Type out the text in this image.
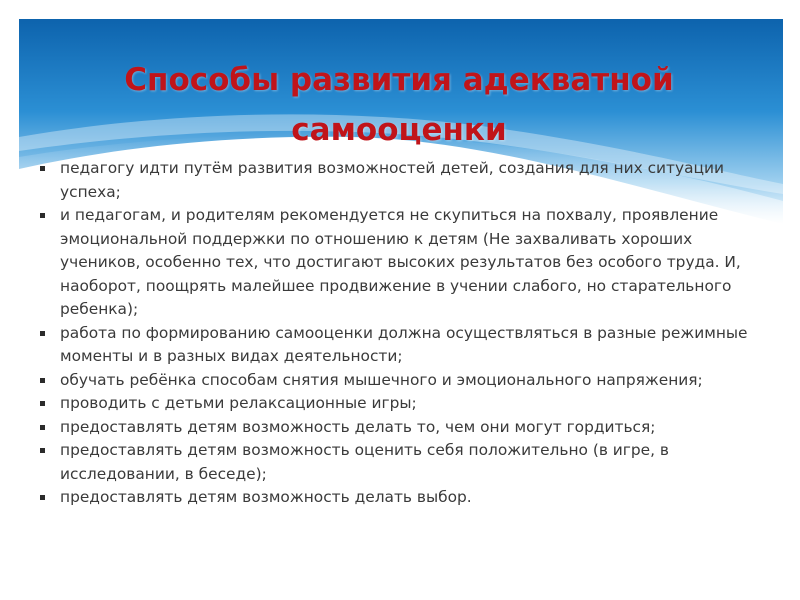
Способы развития адекватной
самооценки
педагогу идти путём развития возможностей детей, создания для них ситуации успеха;
и педагогам, и родителям рекомендуется не скупиться на похвалу, проявление эмоциональной поддержки по отношению к детям (Не захваливать хороших учеников, особенно тех, что достигают высоких результатов без особого труда. И, наоборот, поощрять малейшее продвижение в учении слабого, но старательного ребенка);
работа по формированию самооценки должна осуществляться в разные режимные моменты и в разных видах деятельности;
обучать ребёнка способам снятия мышечного и эмоционального напряжения;
проводить с детьми релаксационные игры;
предоставлять детям возможность делать то, чем они могут гордиться;
предоставлять детям возможность оценить себя положительно (в игре, в исследовании, в беседе);
предоставлять детям возможность делать выбор.
